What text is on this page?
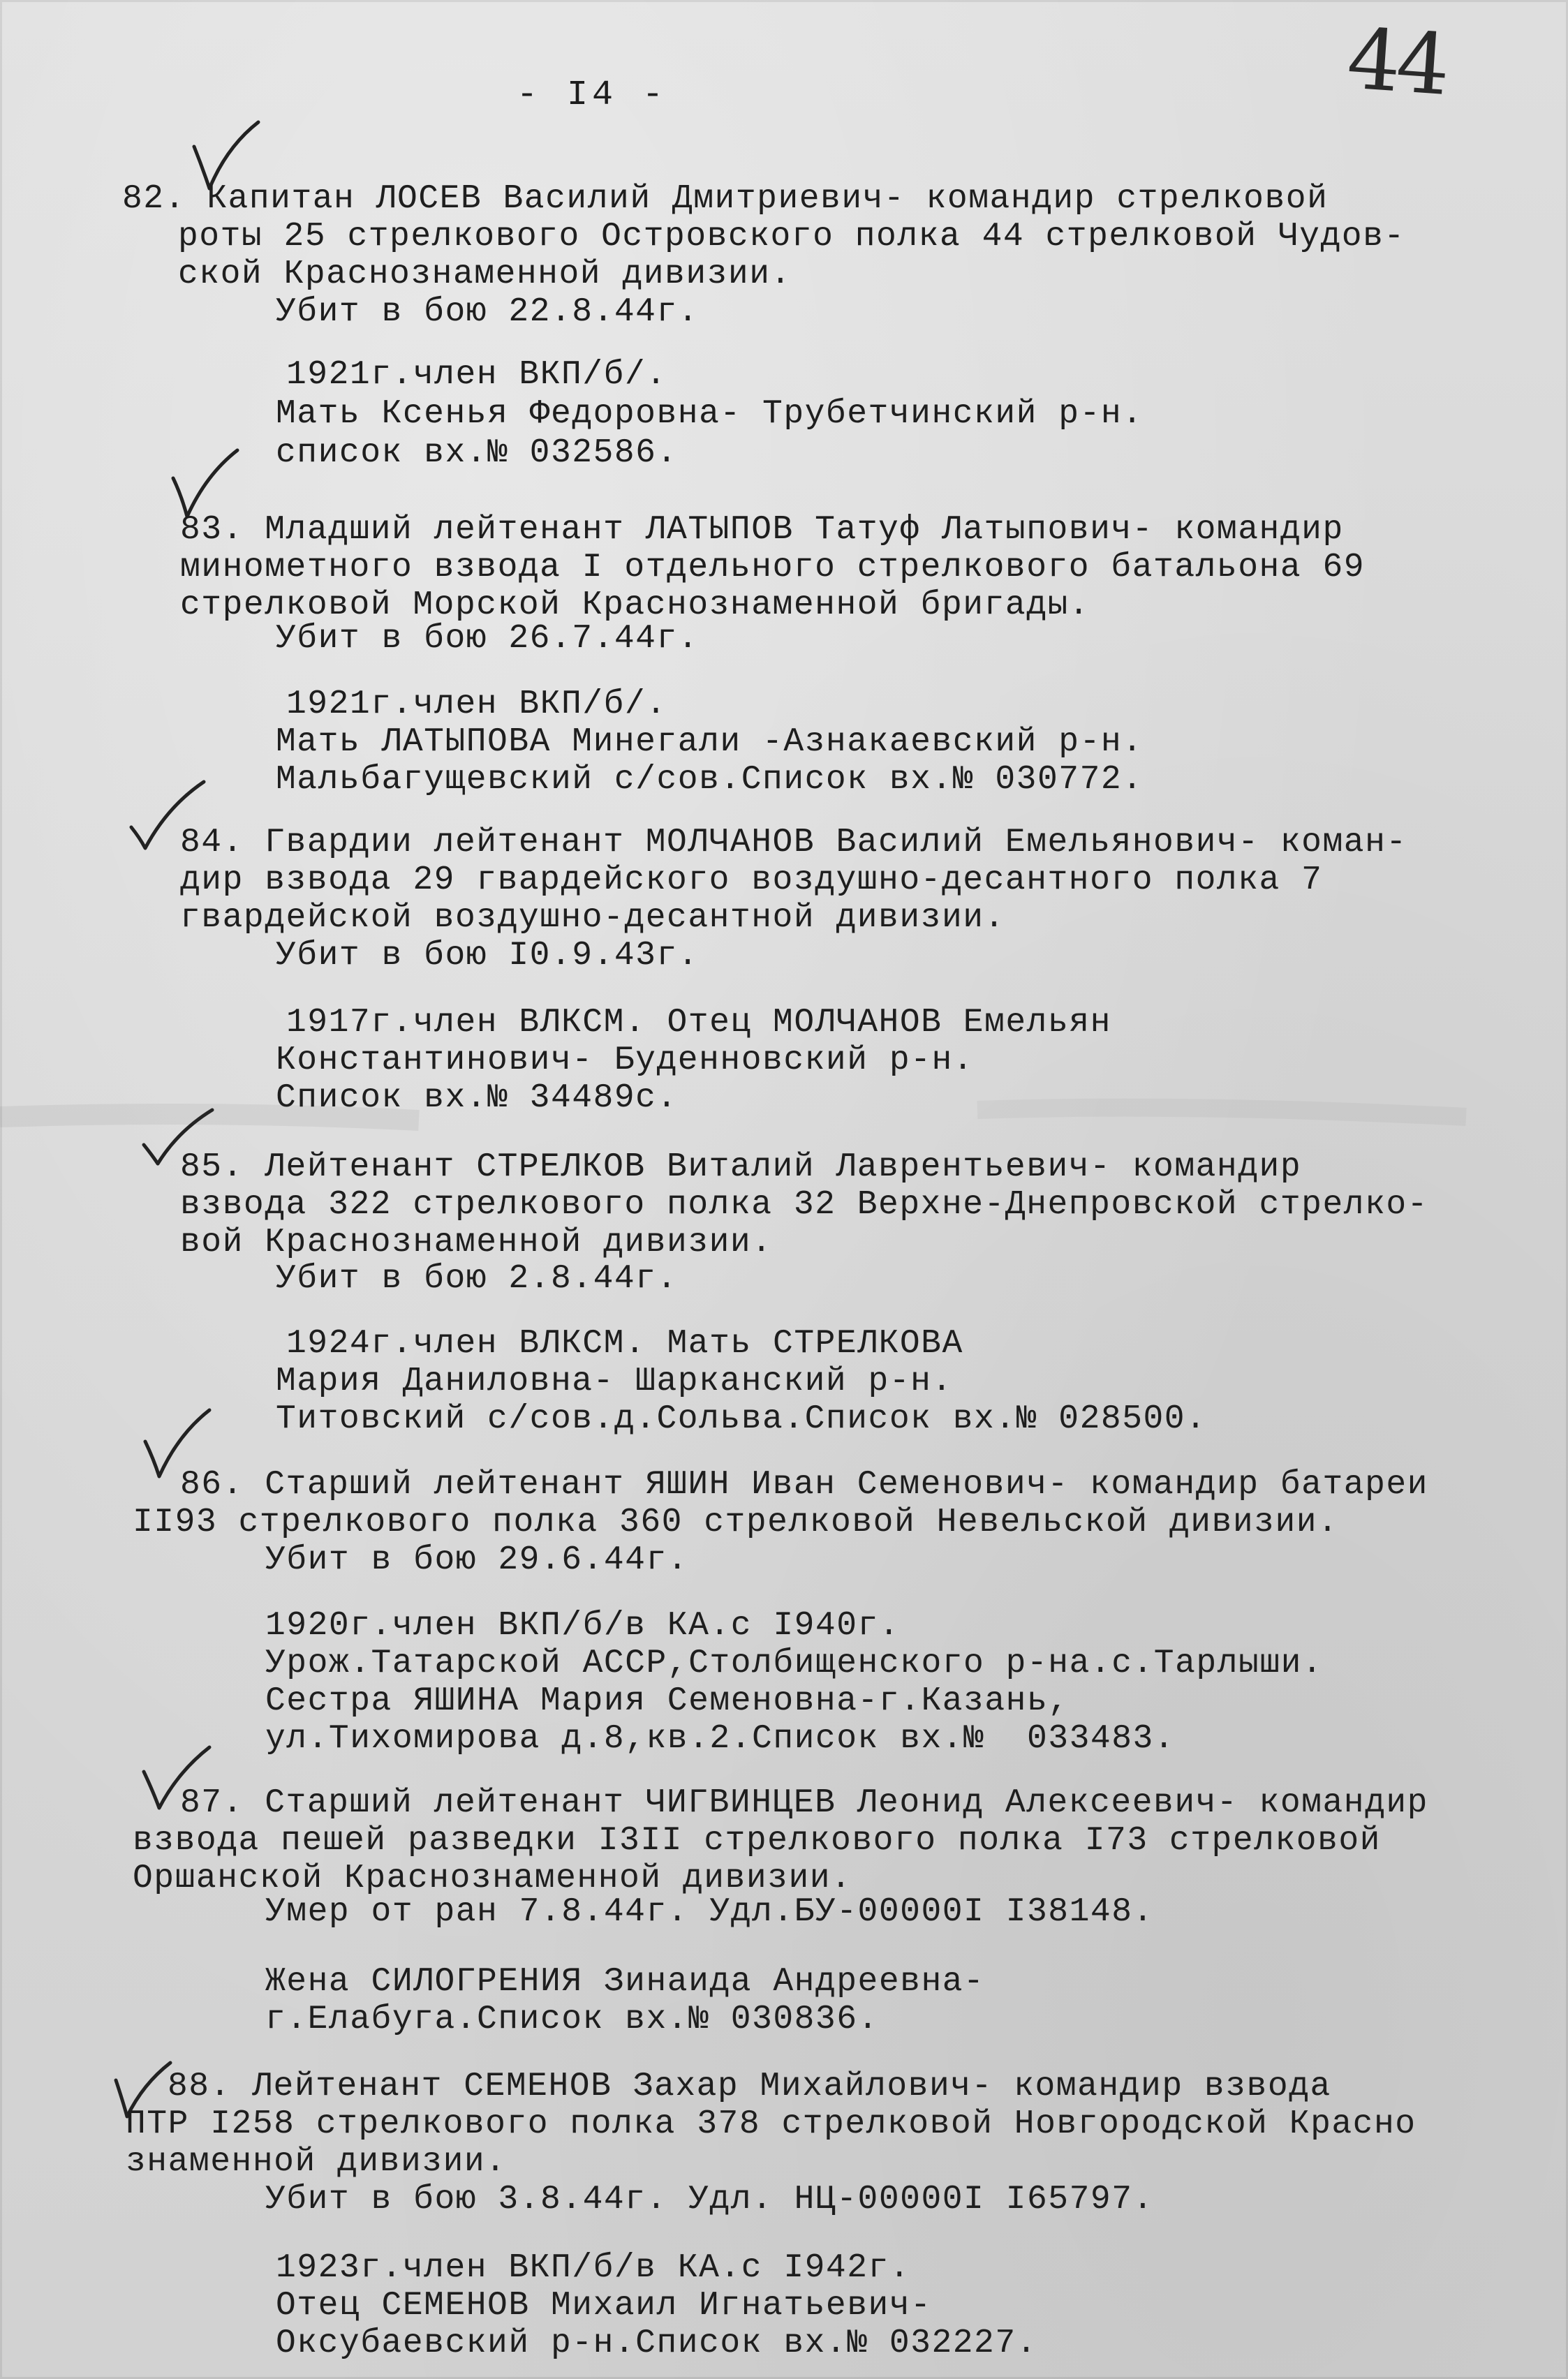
44
- I4 -
82. Капитан ЛОСЕВ Василий Дмитриевич- командир стрелковой
роты 25 стрелкового Островского полка 44 стрелковой Чудов-
ской Краснознаменной дивизии.
Убит в бою 22.8.44г.
1921г.член ВКП/б/.
Мать Ксенья Федоровна- Трубетчинский р-н.
список вх.№ 032586.
83. Младший лейтенант ЛАТЫПОВ Татуф Латыпович- командир
минометного взвода I отдельного стрелкового батальона 69
стрелковой Морской Краснознаменной бригады.
Убит в бою 26.7.44г.
1921г.член ВКП/б/.
Мать ЛАТЫПОВА Минегали -Азнакаевский р-н.
Мальбагущевский с/сов.Список вх.№ 030772.
84. Гвардии лейтенант МОЛЧАНОВ Василий Емельянович- коман-
дир взвода 29 гвардейского воздушно-десантного полка 7
гвардейской воздушно-десантной дивизии.
Убит в бою I0.9.43г.
1917г.член ВЛКСМ. Отец МОЛЧАНОВ Емельян
Константинович- Буденновский р-н.
Список вх.№ 34489с.
85. Лейтенант СТРЕЛКОВ Виталий Лаврентьевич- командир
взвода 322 стрелкового полка 32 Верхне-Днепровской стрелко-
вой Краснознаменной дивизии.
Убит в бою 2.8.44г.
1924г.член ВЛКСМ. Мать СТРЕЛКОВА
Мария Даниловна- Шарканский р-н.
Титовский с/сов.д.Сольва.Список вх.№ 028500.
86. Старший лейтенант ЯШИН Иван Семенович- командир батареи
II93 стрелкового полка 360 стрелковой Невельской дивизии.
Убит в бою 29.6.44г.
1920г.член ВКП/б/в КА.с I940г.
Урож.Татарской АССР,Столбищенского р-на.с.Тарлыши.
Сестра ЯШИНА Мария Семеновна-г.Казань,
ул.Тихомирова д.8,кв.2.Список вх.№  033483.
87. Старший лейтенант ЧИГВИНЦЕВ Леонид Алексеевич- командир
взвода пешей разведки I3II стрелкового полка I73 стрелковой
Оршанской Краснознаменной дивизии.
Умер от ран 7.8.44г. Удл.БУ-00000I I38148.
Жена СИЛОГРЕНИЯ Зинаида Андреевна-
г.Елабуга.Список вх.№ 030836.
88. Лейтенант СЕМЕНОВ Захар Михайлович- командир взвода
ПТР I258 стрелкового полка 378 стрелковой Новгородской Красно
знаменной дивизии.
Убит в бою 3.8.44г. Удл. НЦ-00000I I65797.
1923г.член ВКП/б/в КА.с I942г.
Отец СЕМЕНОВ Михаил Игнатьевич-
Оксубаевский р-н.Список вх.№ 032227.
